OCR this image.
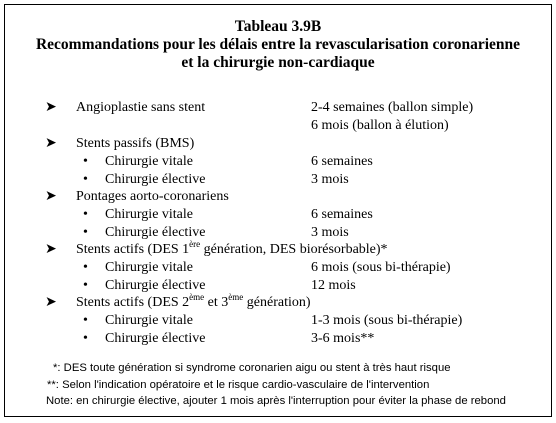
Tableau 3.9B
Recommandations pour les délais entre la revascularisation coronarienne
et la chirurgie non-cardiaque
➤ Angioplastie sans stent	2-4 semaines (ballon simple)
6 mois (ballon à élution)
➤ Stents passifs (BMS)
• Chirurgie vitale	6 semaines
• Chirurgie élective	3 mois
➤ Pontages aorto-coronariens
• Chirurgie vitale	6 semaines
• Chirurgie élective	3 mois
➤ Stents actifs (DES 1ère génération, DES biorésorbable)*
• Chirurgie vitale	6 mois (sous bi-thérapie)
• Chirurgie élective	12 mois
➤ Stents actifs (DES 2ème et 3ème génération)
• Chirurgie vitale	1-3 mois (sous bi-thérapie)
• Chirurgie élective	3-6 mois**
*: DES toute génération si syndrome coronarien aigu ou stent à très haut risque
**: Selon l'indication opératoire et le risque cardio-vasculaire de l'intervention
Note: en chirurgie élective, ajouter 1 mois après l'interruption pour éviter la phase de rebond
